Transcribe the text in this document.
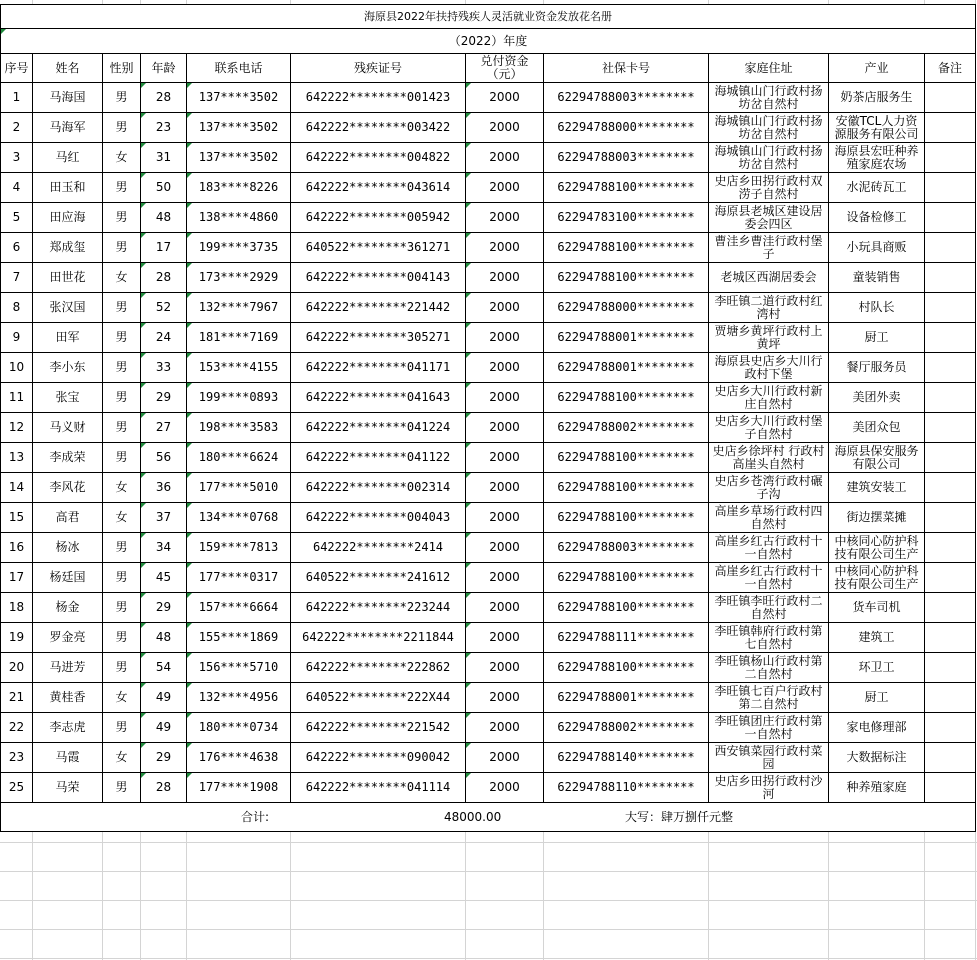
海原县2022年扶持残疾人灵活就业资金发放花名册										
（2022）年度										
序号	姓名	性别	年龄	联系电话	残疾证号	兑付资金（元）	社保卡号	家庭住址	产业	备注
1	马海国	男	28	137****3502	642222********001423	2000	62294788003********	海城镇山门行政村扬坊岔自然村	奶茶店服务生	
2	马海军	男	23	137****3502	642222********003422	2000	62294788000********	海城镇山门行政村扬坊岔自然村	安徽TCL人力资源服务有限公司	
3	马红	女	31	137****3502	642222********004822	2000	62294788003********	海城镇山门行政村扬坊岔自然村	海原县宏旺种养殖家庭农场	
4	田玉和	男	50	183****8226	642222********043614	2000	62294788100********	史店乡田拐行政村双涝子自然村	水泥砖瓦工	
5	田应海	男	48	138****4860	642222********005942	2000	62294783100********	海原县老城区建设居委会四区	设备检修工	
6	郑成玺	男	17	199****3735	640522********361271	2000	62294788100********	曹洼乡曹洼行政村堡子	小玩具商贩	
7	田世花	女	28	173****2929	642222********004143	2000	62294788100********	老城区西湖居委会	童装销售	
8	张汉国	男	52	132****7967	642222********221442	2000	62294788000********	李旺镇二道行政村红湾村	村队长	
9	田军	男	24	181****7169	642222********305271	2000	62294788001********	贾塘乡黄坪行政村上黄坪	厨工	
10	李小东	男	33	153****4155	642222********041171	2000	62294788001********	海原县史店乡大川行政村下堡	餐厅服务员	
11	张宝	男	29	199****0893	642222********041643	2000	62294788100********	史店乡大川行政村新庄自然村	美团外卖	
12	马义财	男	27	198****3583	642222********041224	2000	62294788002********	史店乡大川行政村堡子自然村	美团众包	
13	李成荣	男	56	180****6624	642222********041122	2000	62294788100********	史店乡徐坪村 行政村高崖头自然村	海原县保安服务有限公司	
14	李风花	女	36	177****5010	642222********002314	2000	62294788100********	史店乡苍湾行政村碾子沟	建筑安装工	
15	高君	女	37	134****0768	642222********004043	2000	62294788100********	高崖乡草场行政村四自然村	街边摆菜摊	
16	杨冰	男	34	159****7813	642222********2414	2000	62294788003********	高崖乡红古行政村十一自然村	中核同心防护科技有限公司生产	
17	杨廷国	男	45	177****0317	640522********241612	2000	62294788100********	高崖乡红古行政村十一自然村	中核同心防护科技有限公司生产	
18	杨金	男	29	157****6664	642222********223244	2000	62294788100********	李旺镇李旺行政村二自然村	货车司机	
19	罗金亮	男	48	155****1869	642222********2211844	2000	62294788111********	李旺镇韩府行政村第七自然村	建筑工	
20	马进芳	男	54	156****5710	642222********222862	2000	62294788100********	李旺镇杨山行政村第二自然村	环卫工	
21	黄桂香	女	49	132****4956	640522********222X44	2000	62294788001********	李旺镇七百户行政村第二自然村	厨工	
22	李志虎	男	49	180****0734	642222********221542	2000	62294788002********	李旺镇团庄行政村第一自然村	家电修理部	
23	马霞	女	29	176****4638	642222********090042	2000	62294788140********	西安镇菜园行政村菜园	大数据标注	
25	马荣	男	28	177****1908	642222********041114	2000	62294788110********	史店乡田拐行政村沙河	种养殖家庭	

合计: 48000.00 大写：肆万捌仟元整										
